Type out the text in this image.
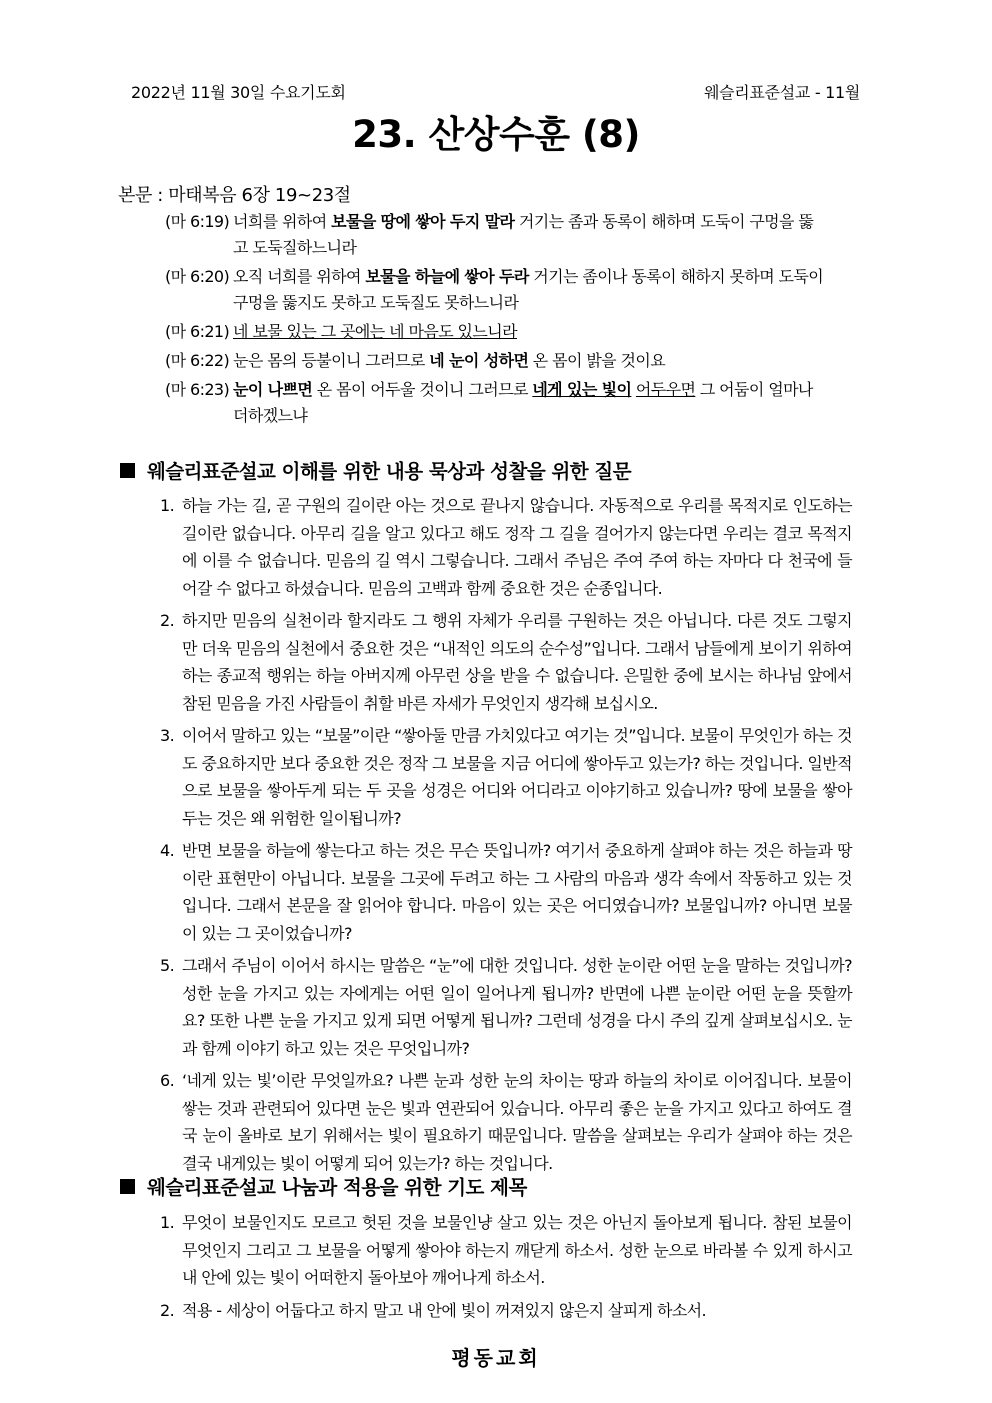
2022년 11월 30일 수요기도회	웨슬리표준설교 - 11월
23. 산상수훈 (8)
본문 : 마태복음 6장 19~23절
(마 6:19) 너희를 위하여 보물을 땅에 쌓아 두지 말라 거기는 좀과 동록이 해하며 도둑이 구멍을 뚫고 도둑질하느니라
(마 6:20) 오직 너희를 위하여 보물을 하늘에 쌓아 두라 거기는 좀이나 동록이 해하지 못하며 도둑이 구멍을 뚫지도 못하고 도둑질도 못하느니라
(마 6:21) 네 보물 있는 그 곳에는 네 마음도 있느니라
(마 6:22) 눈은 몸의 등불이니 그러므로 네 눈이 성하면 온 몸이 밝을 것이요
(마 6:23) 눈이 나쁘면 온 몸이 어두울 것이니 그러므로 네게 있는 빛이 어두우면 그 어둠이 얼마나 더하겠느냐
웨슬리표준설교 이해를 위한 내용 묵상과 성찰을 위한 질문
1. 하늘 가는 길, 곧 구원의 길이란 아는 것으로 끝나지 않습니다. 자동적으로 우리를 목적지로 인도하는 길이란 없습니다. 아무리 길을 알고 있다고 해도 정작 그 길을 걸어가지 않는다면 우리는 결코 목적지에 이를 수 없습니다. 믿음의 길 역시 그렇습니다. 그래서 주님은 주여 주여 하는 자마다 다 천국에 들어갈 수 없다고 하셨습니다. 믿음의 고백과 함께 중요한 것은 순종입니다.
2. 하지만 믿음의 실천이라 할지라도 그 행위 자체가 우리를 구원하는 것은 아닙니다. 다른 것도 그렇지만 더욱 믿음의 실천에서 중요한 것은 “내적인 의도의 순수성”입니다. 그래서 남들에게 보이기 위하여 하는 종교적 행위는 하늘 아버지께 아무런 상을 받을 수 없습니다. 은밀한 중에 보시는 하나님 앞에서 참된 믿음을 가진 사람들이 취할 바른 자세가 무엇인지 생각해 보십시오.
3. 이어서 말하고 있는 “보물”이란 “쌓아둘 만큼 가치있다고 여기는 것”입니다. 보물이 무엇인가 하는 것도 중요하지만 보다 중요한 것은 정작 그 보물을 지금 어디에 쌓아두고 있는가? 하는 것입니다. 일반적으로 보물을 쌓아두게 되는 두 곳을 성경은 어디와 어디라고 이야기하고 있습니까? 땅에 보물을 쌓아두는 것은 왜 위험한 일이됩니까?
4. 반면 보물을 하늘에 쌓는다고 하는 것은 무슨 뜻입니까? 여기서 중요하게 살펴야 하는 것은 하늘과 땅이란 표현만이 아닙니다. 보물을 그곳에 두려고 하는 그 사람의 마음과 생각 속에서 작동하고 있는 것입니다. 그래서 본문을 잘 읽어야 합니다. 마음이 있는 곳은 어디였습니까? 보물입니까? 아니면 보물이 있는 그 곳이었습니까?
5. 그래서 주님이 이어서 하시는 말씀은 “눈”에 대한 것입니다. 성한 눈이란 어떤 눈을 말하는 것입니까? 성한 눈을 가지고 있는 자에게는 어떤 일이 일어나게 됩니까? 반면에 나쁜 눈이란 어떤 눈을 뜻할까요? 또한 나쁜 눈을 가지고 있게 되면 어떻게 됩니까? 그런데 성경을 다시 주의 깊게 살펴보십시오. 눈과 함께 이야기 하고 있는 것은 무엇입니까?
6. ‘네게 있는 빛’이란 무엇일까요? 나쁜 눈과 성한 눈의 차이는 땅과 하늘의 차이로 이어집니다. 보물이 쌓는 것과 관련되어 있다면 눈은 빛과 연관되어 있습니다. 아무리 좋은 눈을 가지고 있다고 하여도 결국 눈이 올바로 보기 위해서는 빛이 필요하기 때문입니다. 말씀을 살펴보는 우리가 살펴야 하는 것은 결국 내게있는 빛이 어떻게 되어 있는가? 하는 것입니다.
웨슬리표준설교 나눔과 적용을 위한 기도 제목
1. 무엇이 보물인지도 모르고 헛된 것을 보물인냥 살고 있는 것은 아닌지 돌아보게 됩니다. 참된 보물이 무엇인지 그리고 그 보물을 어떻게 쌓아야 하는지 깨닫게 하소서. 성한 눈으로 바라볼 수 있게 하시고 내 안에 있는 빛이 어떠한지 돌아보아 깨어나게 하소서.
2. 적용 - 세상이 어둡다고 하지 말고 내 안에 빛이 꺼져있지 않은지 살피게 하소서.
평동교회
